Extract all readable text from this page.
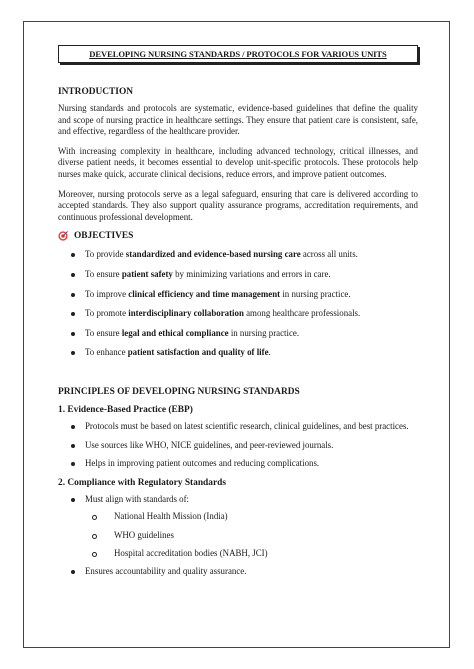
DEVELOPING NURSING STANDARDS / PROTOCOLS FOR VARIOUS UNITS
INTRODUCTION

Nursing standards and protocols are systematic, evidence-based guidelines that define the quality and scope of nursing practice in healthcare settings. They ensure that patient care is consistent, safe, and effective, regardless of the healthcare provider.

With increasing complexity in healthcare, including advanced technology, critical illnesses, and diverse patient needs, it becomes essential to develop unit-specific protocols. These protocols help nurses make quick, accurate clinical decisions, reduce errors, and improve patient outcomes.

Moreover, nursing protocols serve as a legal safeguard, ensuring that care is delivered according to accepted standards. They also support quality assurance programs, accreditation requirements, and continuous professional development.

OBJECTIVES
To provide standardized and evidence-based nursing care across all units.
To ensure patient safety by minimizing variations and errors in care.
To improve clinical efficiency and time management in nursing practice.
To promote interdisciplinary collaboration among healthcare professionals.
To ensure legal and ethical compliance in nursing practice.
To enhance patient satisfaction and quality of life.
PRINCIPLES OF DEVELOPING NURSING STANDARDS
1. Evidence-Based Practice (EBP)
Protocols must be based on latest scientific research, clinical guidelines, and best practices.
Use sources like WHO, NICE guidelines, and peer-reviewed journals.
Helps in improving patient outcomes and reducing complications.
2. Compliance with Regulatory Standards
Must align with standards of:
National Health Mission (India)
WHO guidelines
Hospital accreditation bodies (NABH, JCI)
Ensures accountability and quality assurance.
